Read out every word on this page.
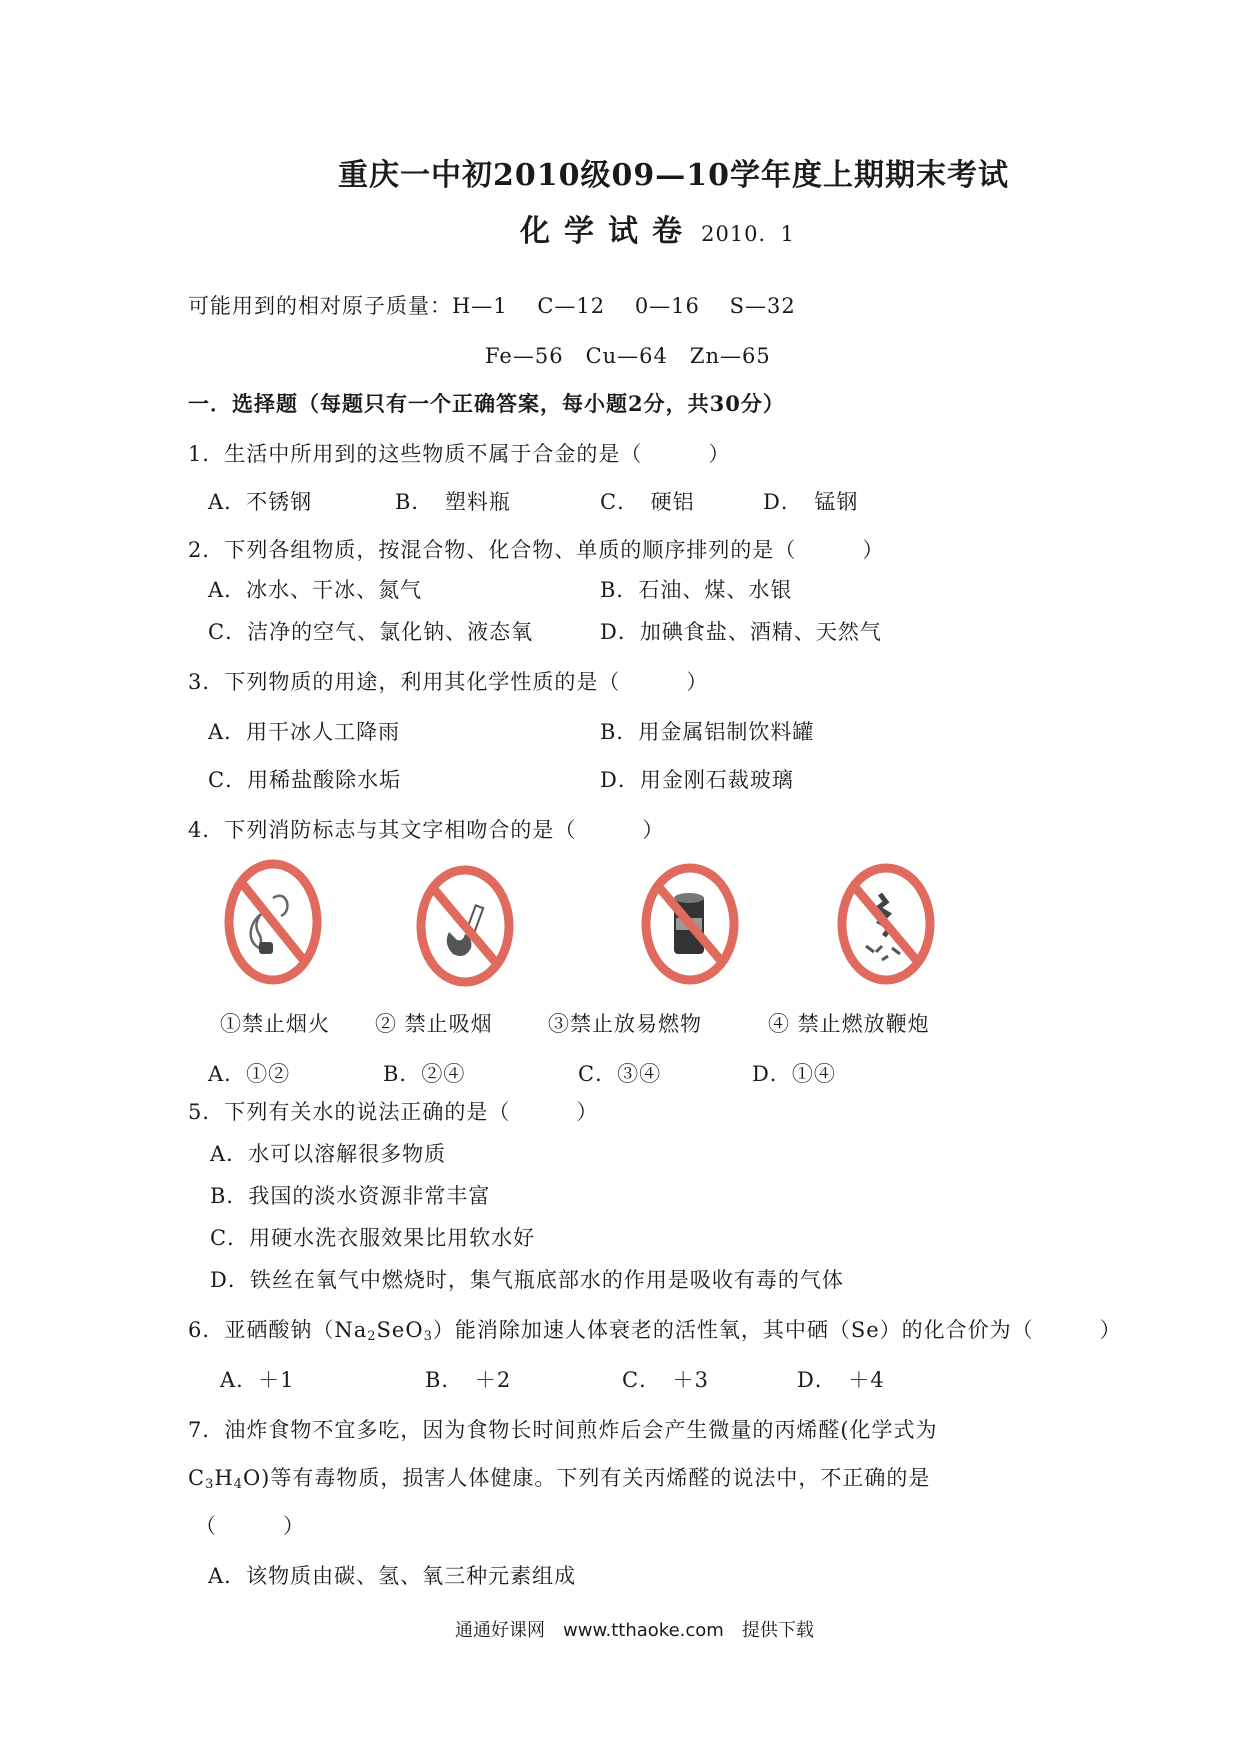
重庆一中初2010级09—10学年度上期期末考试
化学试卷 2010．1
可能用到的相对原子质量：H—1　 C—12　 0—16　 S—32
Fe—56　Cu—64　Zn—65
一．选择题（每题只有一个正确答案，每小题2分，共30分）
1．生活中所用到的这些物质不属于合金的是（　　　）
A．不锈钢	B．　塑料瓶	C．　硬铝	D．　锰钢
2．下列各组物质，按混合物、化合物、单质的顺序排列的是（　　　）
A．冰水、干冰、氮气	B．石油、煤、水银
C．洁净的空气、氯化钠、液态氧	D．加碘食盐、酒精、天然气
3．下列物质的用途，利用其化学性质的是（　　　）
A．用干冰人工降雨	B．用金属铝制饮料罐
C．用稀盐酸除水垢	D．用金刚石裁玻璃
4．下列消防标志与其文字相吻合的是（　　　）
①禁止烟火 ② 禁止吸烟	③禁止放易燃物	④ 禁止燃放鞭炮
A．①②	B．②④	C．③④	D．①④
5．下列有关水的说法正确的是（　　　）
A．水可以溶解很多物质
B．我国的淡水资源非常丰富
C．用硬水洗衣服效果比用软水好
D．铁丝在氧气中燃烧时，集气瓶底部水的作用是吸收有毒的气体
6．亚硒酸钠$(Na_2SeO_3)$能消除加速人体衰老的活性氧，其中硒（Se）的化合价为（　　　）
A．＋1	B．　＋2	C．　＋3	D．　＋4
7．油炸食物不宜多吃，因为食物长时间煎炸后会产生微量的丙烯醛(化学式为
$C_3H_4O$)等有毒物质，损害人体健康。下列有关丙烯醛的说法中，不正确的是
（　　　）
A．该物质由碳、氢、氧三种元素组成
通通好课网　www.tthaoke.com　提供下载
